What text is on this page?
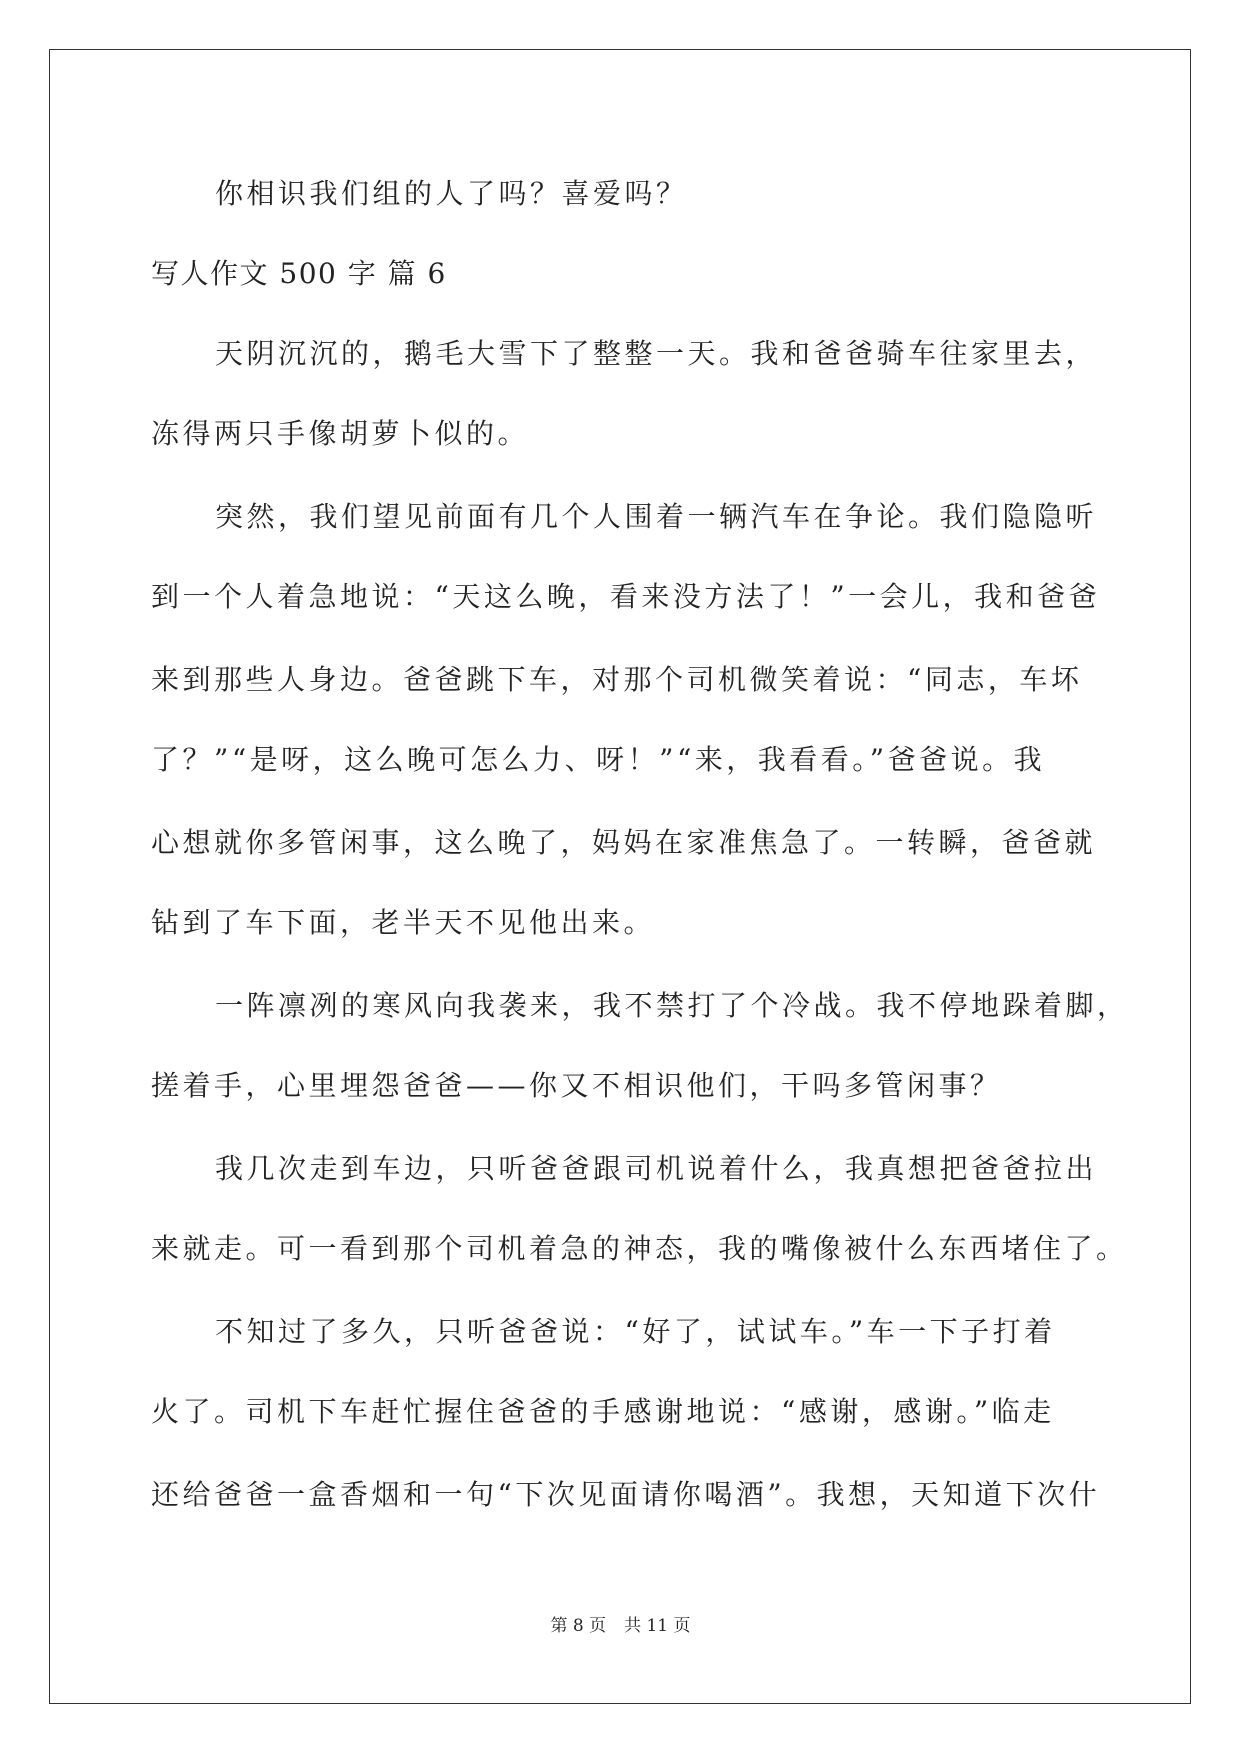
你相识我们组的人了吗？喜爱吗？
写人作文 500 字 篇 6
天阴沉沉的，鹅毛大雪下了整整一天。我和爸爸骑车往家里去，
冻得两只手像胡萝卜似的。
突然，我们望见前面有几个人围着一辆汽车在争论。我们隐隐听
到一个人着急地说：“天这么晚，看来没方法了！”一会儿，我和爸爸
来到那些人身边。爸爸跳下车，对那个司机微笑着说：“同志，车坏
了？”“是呀，这么晚可怎么力、呀！”“来，我看看。”爸爸说。我
心想就你多管闲事，这么晚了，妈妈在家准焦急了。一转瞬，爸爸就
钻到了车下面，老半天不见他出来。
一阵凛冽的寒风向我袭来，我不禁打了个冷战。我不停地跺着脚，
搓着手，心里埋怨爸爸——你又不相识他们，干吗多管闲事？
我几次走到车边，只听爸爸跟司机说着什么，我真想把爸爸拉出
来就走。可一看到那个司机着急的神态，我的嘴像被什么东西堵住了。
不知过了多久，只听爸爸说：“好了，试试车。”车一下子打着
火了。司机下车赶忙握住爸爸的手感谢地说：“感谢，感谢。”临走
还给爸爸一盒香烟和一句“下次见面请你喝酒”。我想，天知道下次什
第 8 页 共 11 页
